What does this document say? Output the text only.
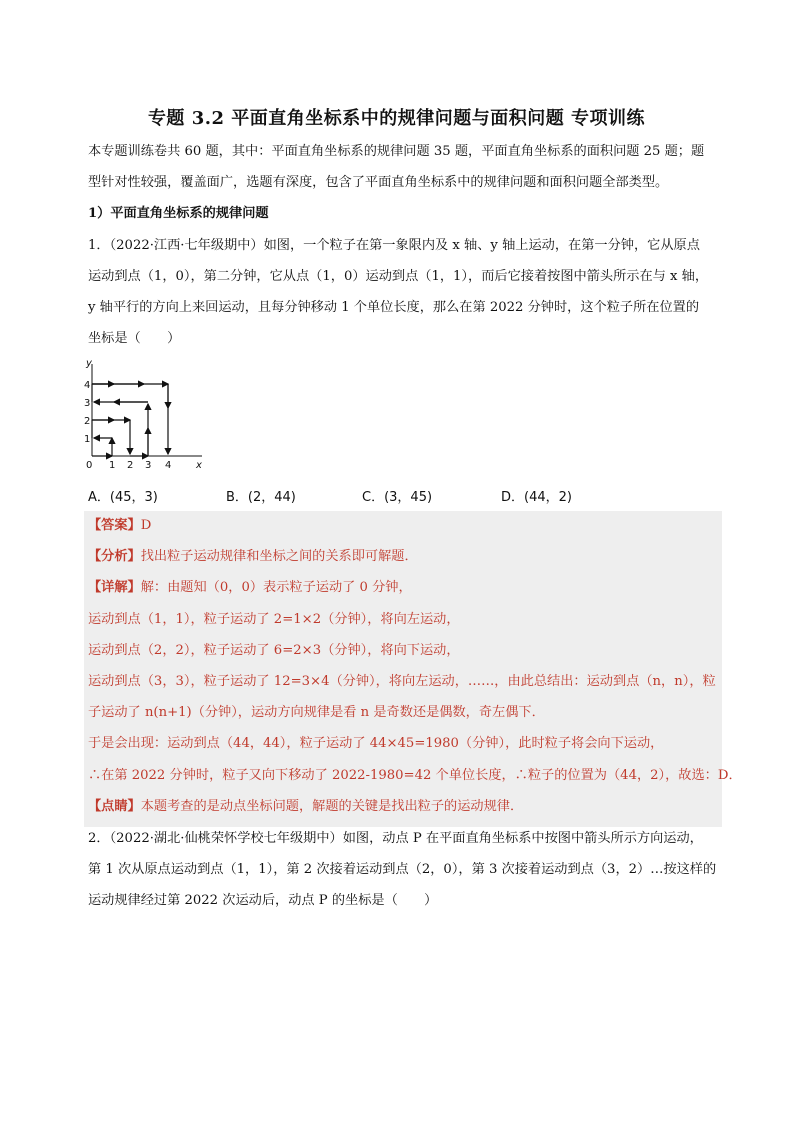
专题 3.2 平面直角坐标系中的规律问题与面积问题 专项训练
本专题训练卷共 60 题，其中：平面直角坐标系的规律问题 35 题，平面直角坐标系的面积问题 25 题；题
型针对性较强，覆盖面广，选题有深度，包含了平面直角坐标系中的规律问题和面积问题全部类型。
1）平面直角坐标系的规律问题
1．（2022·江西·七年级期中）如图，一个粒子在第一象限内及 x 轴、y 轴上运动，在第一分钟，它从原点
运动到点（1，0），第二分钟，它从点（1，0）运动到点（1，1），而后它接着按图中箭头所示在与 x 轴，
y 轴平行的方向上来回运动，且每分钟移动 1 个单位长度，那么在第 2022 分钟时，这个粒子所在位置的
坐标是（　　）
y
x
0 1 2 3 4
1
2
3
4
A．(45，3)	B．(2，44)	C．(3，45)	D．(44，2)
【答案】D
【分析】找出粒子运动规律和坐标之间的关系即可解题．
【详解】解：由题知（0，0）表示粒子运动了 0 分钟，
运动到点（1，1），粒子运动了 2=1×2（分钟），将向左运动，
运动到点（2，2），粒子运动了 6=2×3（分钟），将向下运动，
运动到点（3，3），粒子运动了 12=3×4（分钟），将向左运动，……，由此总结出：运动到点（n，n），粒
子运动了 n(n+1)（分钟），运动方向规律是看 n 是奇数还是偶数，奇左偶下．
于是会出现：运动到点（44，44），粒子运动了 44×45=1980（分钟），此时粒子将会向下运动，
∴在第 2022 分钟时，粒子又向下移动了 2022-1980=42 个单位长度，∴粒子的位置为（44，2），故选：D．
【点睛】本题考查的是动点坐标问题，解题的关键是找出粒子的运动规律．
2．（2022·湖北·仙桃荣怀学校七年级期中）如图，动点 P 在平面直角坐标系中按图中箭头所示方向运动，
第 1 次从原点运动到点（1，1），第 2 次接着运动到点（2，0），第 3 次接着运动到点（3，2）…按这样的
运动规律经过第 2022 次运动后，动点 P 的坐标是（　　）
